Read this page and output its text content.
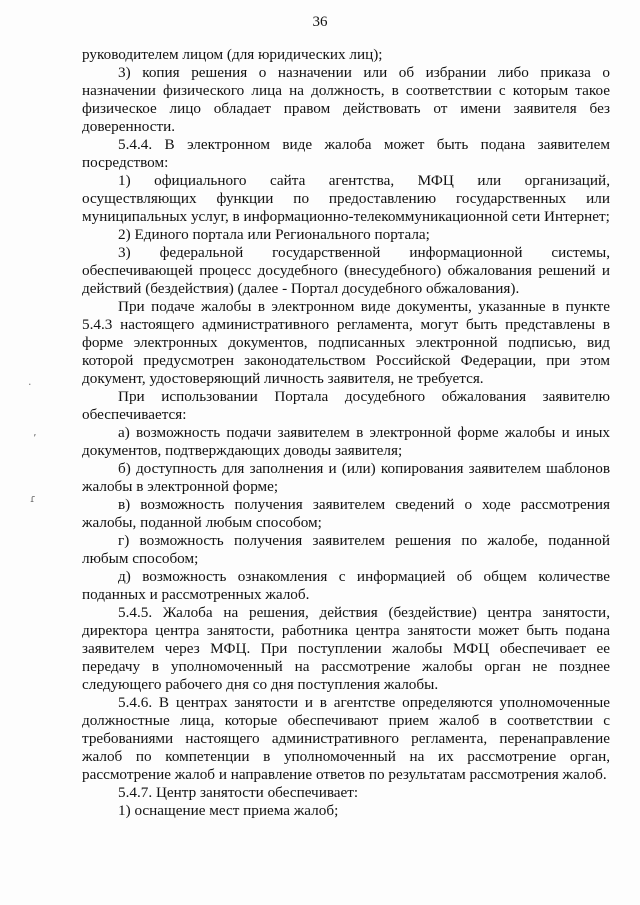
36
·
ʼ
ɾ

руководителем лицом (для юридических лиц);

3) копия решения о назначении или об избрании либо приказа о назначении физического лица на должность, в соответствии с которым такое физическое лицо обладает правом действовать от имени заявителя без доверенности.

5.4.4. В электронном виде жалоба может быть подана заявителем посредством:

1) официального сайта агентства, МФЦ или организаций, осуществляющих функции по предоставлению государственных или муниципальных услуг, в информационно-телекоммуникационной сети Интернет;

2) Единого портала или Регионального портала;

3) федеральной государственной информационной системы, обеспечивающей процесс досудебного (внесудебного) обжалования решений и действий (бездействия) (далее - Портал досудебного обжалования).

При подаче жалобы в электронном виде документы, указанные в пункте 5.4.3 настоящего административного регламента, могут быть представлены в форме электронных документов, подписанных электронной подписью, вид которой предусмотрен законодательством Российской Федерации, при этом документ, удостоверяющий личность заявителя, не требуется.

При использовании Портала досудебного обжалования заявителю обеспечивается:

а) возможность подачи заявителем в электронной форме жалобы и иных документов, подтверждающих доводы заявителя;

б) доступность для заполнения и (или) копирования заявителем шаблонов жалобы в электронной форме;

в) возможность получения заявителем сведений о ходе рассмотрения жалобы, поданной любым способом;

г) возможность получения заявителем решения по жалобе, поданной любым способом;

д) возможность ознакомления с информацией об общем количестве поданных и рассмотренных жалоб.

5.4.5. Жалоба на решения, действия (бездействие) центра занятости, директора центра занятости, работника центра занятости может быть подана заявителем через МФЦ. При поступлении жалобы МФЦ обеспечивает ее передачу в уполномоченный на рассмотрение жалобы орган не позднее следующего рабочего дня со дня поступления жалобы.

5.4.6. В центрах занятости и в агентстве определяются уполномоченные должностные лица, которые обеспечивают прием жалоб в соответствии с требованиями настоящего административного регламента, перенаправление жалоб по компетенции в уполномоченный на их рассмотрение орган, рассмотрение жалоб и направление ответов по результатам рассмотрения жалоб.

5.4.7. Центр занятости обеспечивает:

1) оснащение мест приема жалоб;
